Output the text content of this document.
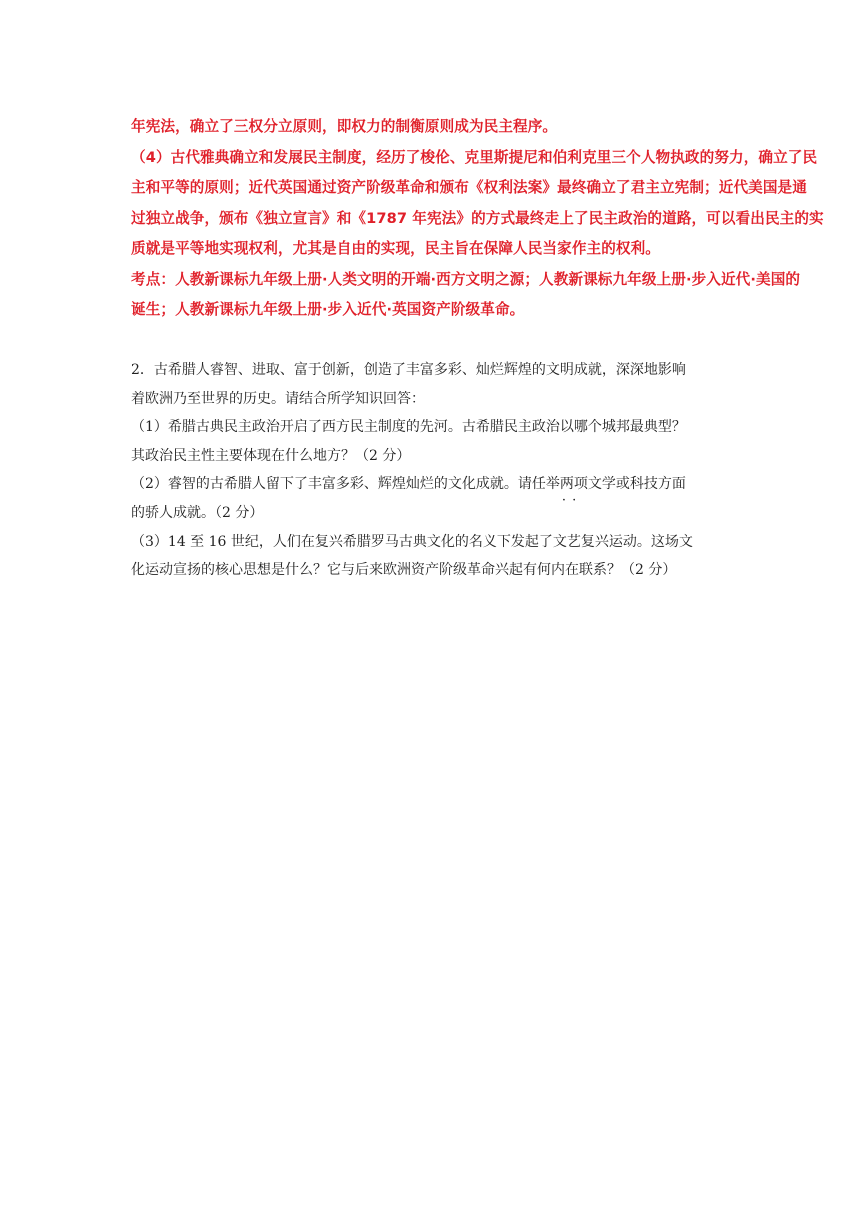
年宪法，确立了三权分立原则，即权力的制衡原则成为民主程序。
（4）古代雅典确立和发展民主制度，经历了梭伦、克里斯提尼和伯利克里三个人物执政的努力，确立了民
主和平等的原则；近代英国通过资产阶级革命和颁布《权利法案》最终确立了君主立宪制；近代美国是通
过独立战争，颁布《独立宣言》和《1787 年宪法》的方式最终走上了民主政治的道路，可以看出民主的实
质就是平等地实现权利，尤其是自由的实现，民主旨在保障人民当家作主的权利。
考点：人教新课标九年级上册·人类文明的开端·西方文明之源；人教新课标九年级上册·步入近代·美国的
诞生；人教新课标九年级上册·步入近代·英国资产阶级革命。
2．古希腊人睿智、进取、富于创新，创造了丰富多彩、灿烂辉煌的文明成就，深深地影响
着欧洲乃至世界的历史。请结合所学知识回答：
（1）希腊古典民主政治开启了西方民主制度的先河。古希腊民主政治以哪个城邦最典型？
其政治民主性主要体现在什么地方？（2 分）
（2）睿智的古希腊人留下了丰富多彩、辉煌灿烂的文化成就。请任举两项 · ·文学或科技方面
的骄人成就。（2 分）
（3）14 至 16 世纪，人们在复兴希腊罗马古典文化的名义下发起了文艺复兴运动。这场文
化运动宣扬的核心思想是什么？它与后来欧洲资产阶级革命兴起有何内在联系？（2 分）
